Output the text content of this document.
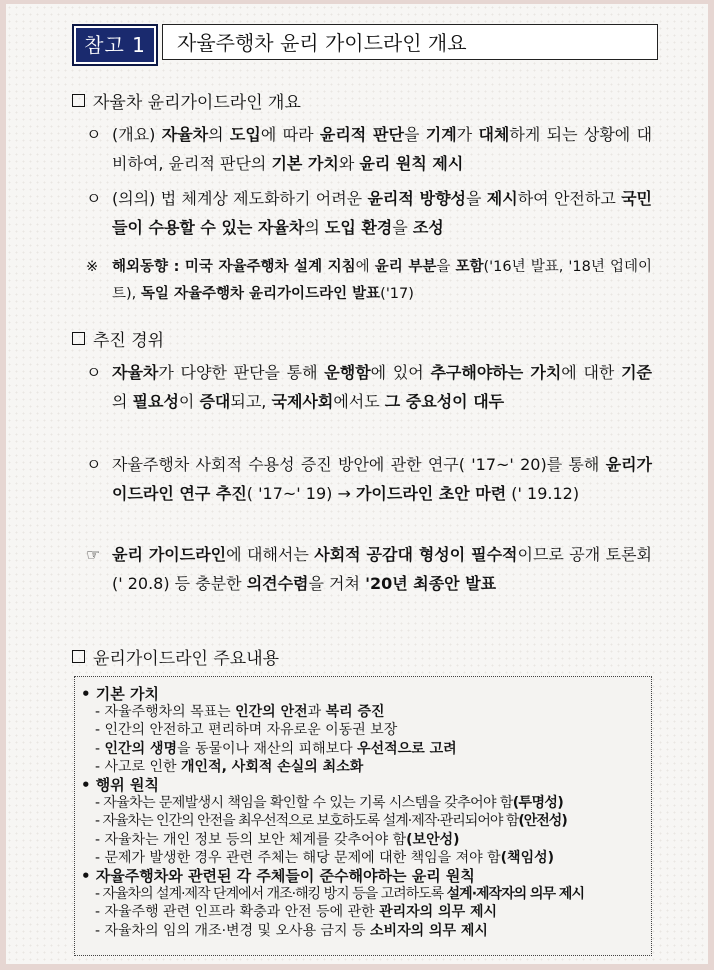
참고 1	자율주행차 윤리 가이드라인 개요
자율차 윤리가이드라인 개요
ㅇ (개요) 자율차의 도입에 따라 윤리적 판단을 기계가 대체하게 되는 상황에 대비하여, 윤리적 판단의 기본 가치와 윤리 원칙 제시
ㅇ (의의) 법 체계상 제도화하기 어려운 윤리적 방향성을 제시하여 안전하고 국민들이 수용할 수 있는 자율차의 도입 환경을 조성
※ 해외동향 : 미국 자율주행차 설계 지침에 윤리 부분을 포함('16년 발표, '18년 업데이트), 독일 자율주행차 윤리가이드라인 발표('17)
추진 경위
ㅇ 자율차가 다양한 판단을 통해 운행함에 있어 추구해야하는 가치에 대한 기준의 필요성이 증대되고, 국제사회에서도 그 중요성이 대두
ㅇ 자율주행차 사회적 수용성 증진 방안에 관한 연구( '17~' 20)를 통해 윤리가이드라인 연구 추진( '17~' 19) → 가이드라인 초안 마련 (' 19.12)
☞ 윤리 가이드라인에 대해서는 사회적 공감대 형성이 필수적이므로 공개 토론회(' 20.8) 등 충분한 의견수렴을 거쳐 '20년 최종안 발표
윤리가이드라인 주요내용
• 기본 가치
- 자율주행차의 목표는 인간의 안전과 복리 증진
- 인간의 안전하고 편리하며 자유로운 이동권 보장
- 인간의 생명을 동물이나 재산의 피해보다 우선적으로 고려
- 사고로 인한 개인적, 사회적 손실의 최소화
• 행위 원칙
- 자율차는 문제발생시 책임을 확인할 수 있는 기록 시스템을 갖추어야 함(투명성)
- 자율차는 인간의 안전을 최우선적으로 보호하도록 설계·제작·관리되어야 함(안전성)
- 자율차는 개인 정보 등의 보안 체계를 갖추어야 함(보안성)
- 문제가 발생한 경우 관련 주체는 해당 문제에 대한 책임을 져야 함(책임성)
• 자율주행차와 관련된 각 주체들이 준수해야하는 윤리 원칙
- 자율차의 설계·제작 단계에서 개조·해킹 방지 등을 고려하도록 설계·제작자의 의무 제시
- 자율주행 관련 인프라 확충과 안전 등에 관한 관리자의 의무 제시
- 자율차의 임의 개조·변경 및 오사용 금지 등 소비자의 의무 제시
